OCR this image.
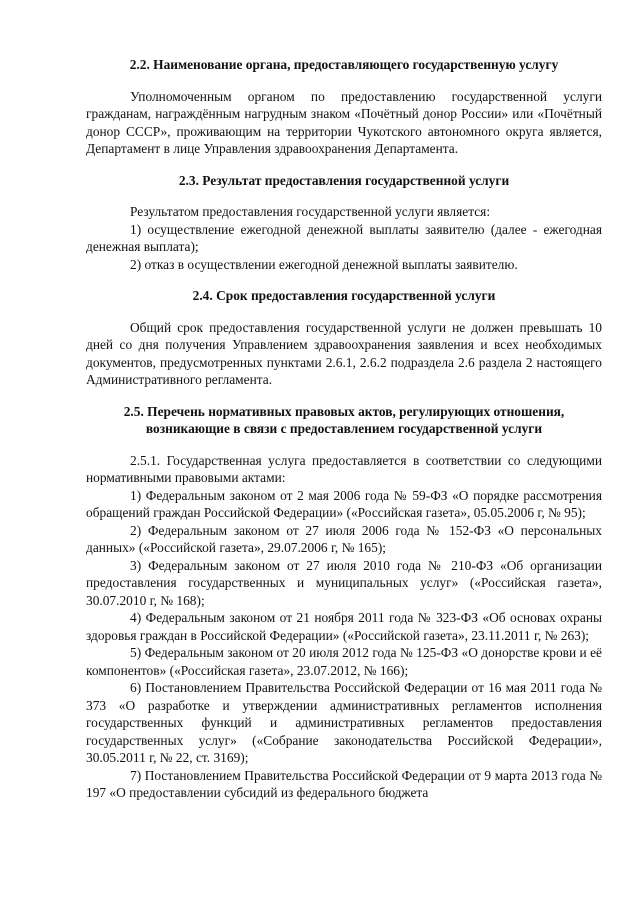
2.2. Наименование органа, предоставляющего государственную услугу

Уполномоченным органом по предоставлению государственной услуги гражданам, награждённым нагрудным знаком «Почётный донор России» или «Почётный донор СССР», проживающим на территории Чукотского автономного округа является, Департамент в лице Управления здравоохранения Департамента.

2.3. Результат предоставления государственной услуги

Результатом предоставления государственной услуги является:

1) осуществление ежегодной денежной выплаты заявителю (далее - ежегодная денежная выплата);

2) отказ в осуществлении ежегодной денежной выплаты заявителю.

2.4. Срок предоставления государственной услуги

Общий срок предоставления государственной услуги не должен превышать 10 дней со дня получения Управлением здравоохранения заявления и всех необходимых документов, предусмотренных пунктами 2.6.1, 2.6.2 подраздела 2.6 раздела 2 настоящего Административного регламента.

2.5. Перечень нормативных правовых актов, регулирующих отношения, возникающие в связи с предоставлением государственной услуги

2.5.1. Государственная услуга предоставляется в соответствии со следующими нормативными правовыми актами:

1) Федеральным законом от 2 мая 2006 года № 59-ФЗ «О порядке рассмотрения обращений граждан Российской Федерации» («Российская газета», 05.05.2006 г, № 95);

2) Федеральным законом от 27 июля 2006 года № 152-ФЗ «О персональных данных» («Российской газета», 29.07.2006 г, № 165);

3) Федеральным законом от 27 июля 2010 года № 210-ФЗ «Об организации предоставления государственных и муниципальных услуг» («Российская газета», 30.07.2010 г, № 168);

4) Федеральным законом от 21 ноября 2011 года № 323-ФЗ «Об основах охраны здоровья граждан в Российской Федерации» («Российской газета», 23.11.2011 г, № 263);

5) Федеральным законом от 20 июля 2012 года № 125-ФЗ «О донорстве крови и её компонентов» («Российская газета», 23.07.2012, № 166);

6) Постановлением Правительства Российской Федерации от 16 мая 2011 года № 373 «О разработке и утверждении административных регламентов исполнения государственных функций и административных регламентов предоставления государственных услуг» («Собрание законодательства Российской Федерации», 30.05.2011 г, № 22, ст. 3169);

7) Постановлением Правительства Российской Федерации от 9 марта 2013 года № 197 «О предоставлении субсидий из федерального бюджета
